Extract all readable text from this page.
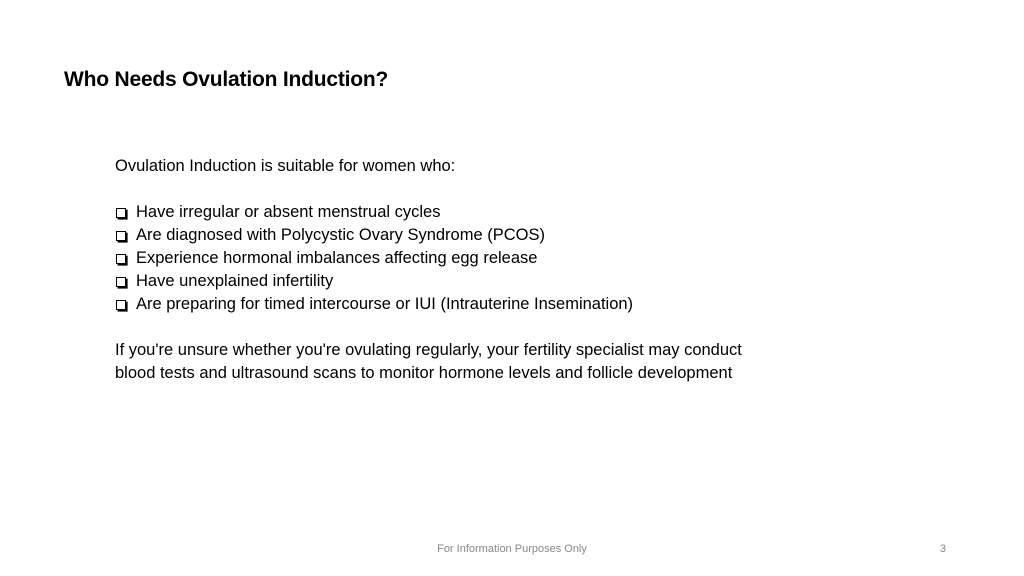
Who Needs Ovulation Induction?

Ovulation Induction is suitable for women who:

Have irregular or absent menstrual cycles
Are diagnosed with Polycystic Ovary Syndrome (PCOS)
Experience hormonal imbalances affecting egg release
Have unexplained infertility
Are preparing for timed intercourse or IUI (Intrauterine Insemination)

If you're unsure whether you're ovulating regularly, your fertility specialist may conduct
blood tests and ultrasound scans to monitor hormone levels and follicle development

For Information Purposes Only	3
